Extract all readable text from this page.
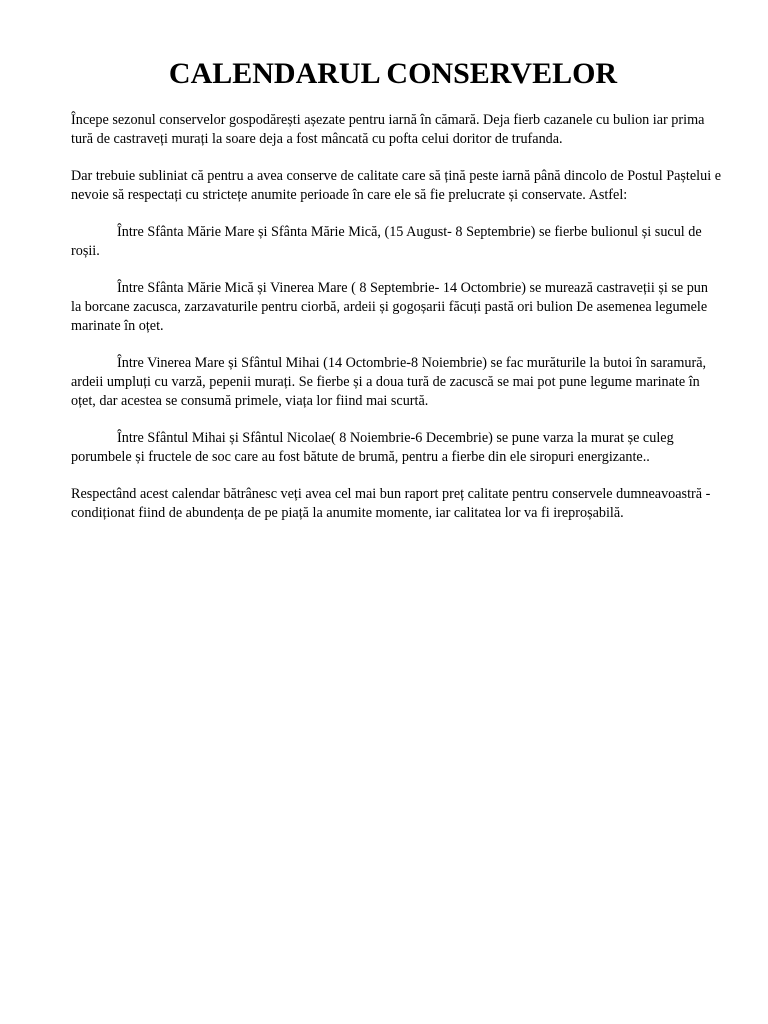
CALENDARUL CONSERVELOR

Începe sezonul conservelor gospodărești așezate pentru iarnă în cămară. Deja fierb cazanele cu bulion iar prima tură de castraveți murați la soare deja a fost mâncată cu pofta celui doritor de trufanda.

Dar trebuie subliniat că pentru a avea conserve de calitate care să țină peste iarnă până dincolo de Postul Paștelui e nevoie să respectați cu strictețe anumite perioade în care ele să fie prelucrate și conservate. Astfel:

Între Sfânta Mărie Mare și Sfânta Mărie Mică, (15 August- 8 Septembrie) se fierbe bulionul și sucul de roșii.

Între Sfânta Mărie Mică și Vinerea Mare ( 8 Septembrie- 14 Octombrie) se murează castraveții și se pun la borcane zacusca, zarzavaturile pentru ciorbă, ardeii și gogoșarii făcuți pastă ori bulion De asemenea legumele marinate în oțet.

Între Vinerea Mare și Sfântul Mihai (14 Octombrie-8 Noiembrie) se fac murăturile la butoi în saramură, ardeii umpluți cu varză, pepenii murați. Se fierbe și a doua tură de zacuscă se mai pot pune legume marinate în oțet, dar acestea se consumă primele, viața lor fiind mai scurtă.

Între Sfântul Mihai și Sfântul Nicolae( 8 Noiembrie-6 Decembrie) se pune varza la murat șe culeg porumbele și fructele de soc care au fost bătute de brumă, pentru a fierbe din ele siropuri energizante..

Respectând acest calendar bătrânesc veți avea cel mai bun raport preț calitate pentru conservele dumneavoastră -condiționat fiind de abundența de pe piață la anumite momente, iar calitatea lor va fi ireproșabilă.
